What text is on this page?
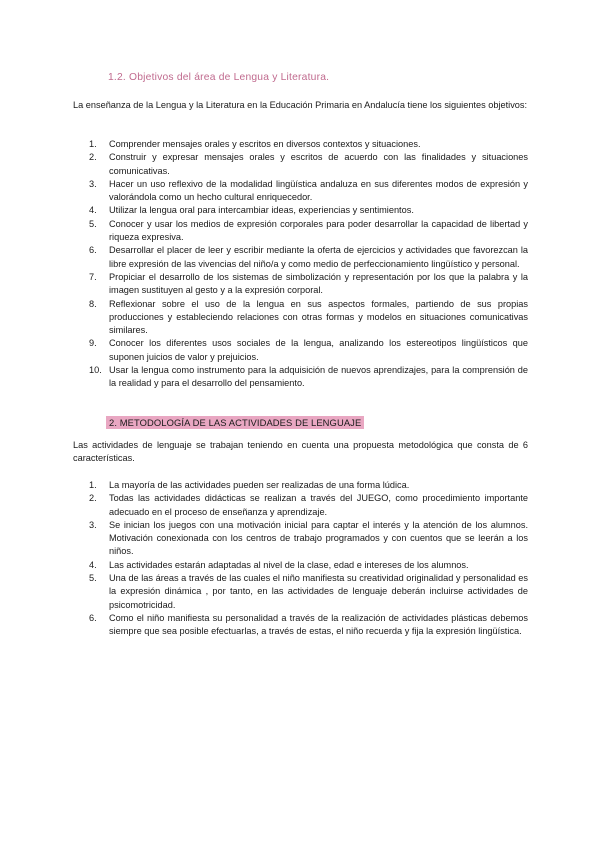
1.2. Objetivos del área de Lengua y Literatura.

La enseñanza de la Lengua y la Literatura en la Educación Primaria en Andalucía tiene los siguientes objetivos:

1.	Comprender mensajes orales y escritos en diversos contextos y situaciones.
2.	Construir y expresar mensajes orales y escritos de acuerdo con las finalidades y situaciones comunicativas.
3.	Hacer un uso reflexivo de la modalidad lingüística andaluza en sus diferentes modos de expresión y valorándola como un hecho cultural enriquecedor.
4.	Utilizar la lengua oral para intercambiar ideas, experiencias y sentimientos.
5.	Conocer y usar los medios de expresión corporales para poder desarrollar la capacidad de libertad y riqueza expresiva.
6.	Desarrollar el placer de leer y escribir mediante la oferta de ejercicios y actividades que favorezcan la libre expresión de las vivencias del niño/a y como medio de perfeccionamiento lingüístico y personal.
7.	Propiciar el desarrollo de los sistemas de simbolización y representación por los que la palabra y la imagen sustituyen al gesto y a la expresión corporal.
8.	Reflexionar sobre el uso de la lengua en sus aspectos formales, partiendo de sus propias producciones y estableciendo relaciones con otras formas y modelos en situaciones comunicativas similares.
9.	Conocer los diferentes usos sociales de la lengua, analizando los estereotipos lingüísticos que suponen juicios de valor y prejuicios.
10. Usar la lengua como instrumento para la adquisición de nuevos aprendizajes, para la comprensión de la realidad y para el desarrollo del pensamiento.
2. METODOLOGÍA DE LAS ACTIVIDADES DE LENGUAJE

Las actividades de lenguaje se trabajan teniendo en cuenta una propuesta metodológica que consta de 6 características.

1.	La mayoría de las actividades pueden ser realizadas de una forma lúdica.
2.	Todas las actividades didácticas se realizan a través del JUEGO, como procedimiento importante adecuado en el proceso de enseñanza y aprendizaje.
3.	Se inician los juegos con una motivación inicial para captar el interés y la atención de los alumnos. Motivación conexionada con los centros de trabajo programados y con cuentos que se leerán a los niños.
4.	Las actividades estarán adaptadas al nivel de la clase, edad e intereses de los alumnos.
5.	Una de las áreas a través de las cuales el niño manifiesta su creatividad originalidad y personalidad es la expresión dinámica , por tanto, en las actividades de lenguaje deberán incluirse actividades de psicomotricidad.
6.	Como el niño manifiesta su personalidad a través de la realización de actividades plásticas debemos siempre que sea posible efectuarlas, a través de estas, el niño recuerda y fija la expresión lingüística.
